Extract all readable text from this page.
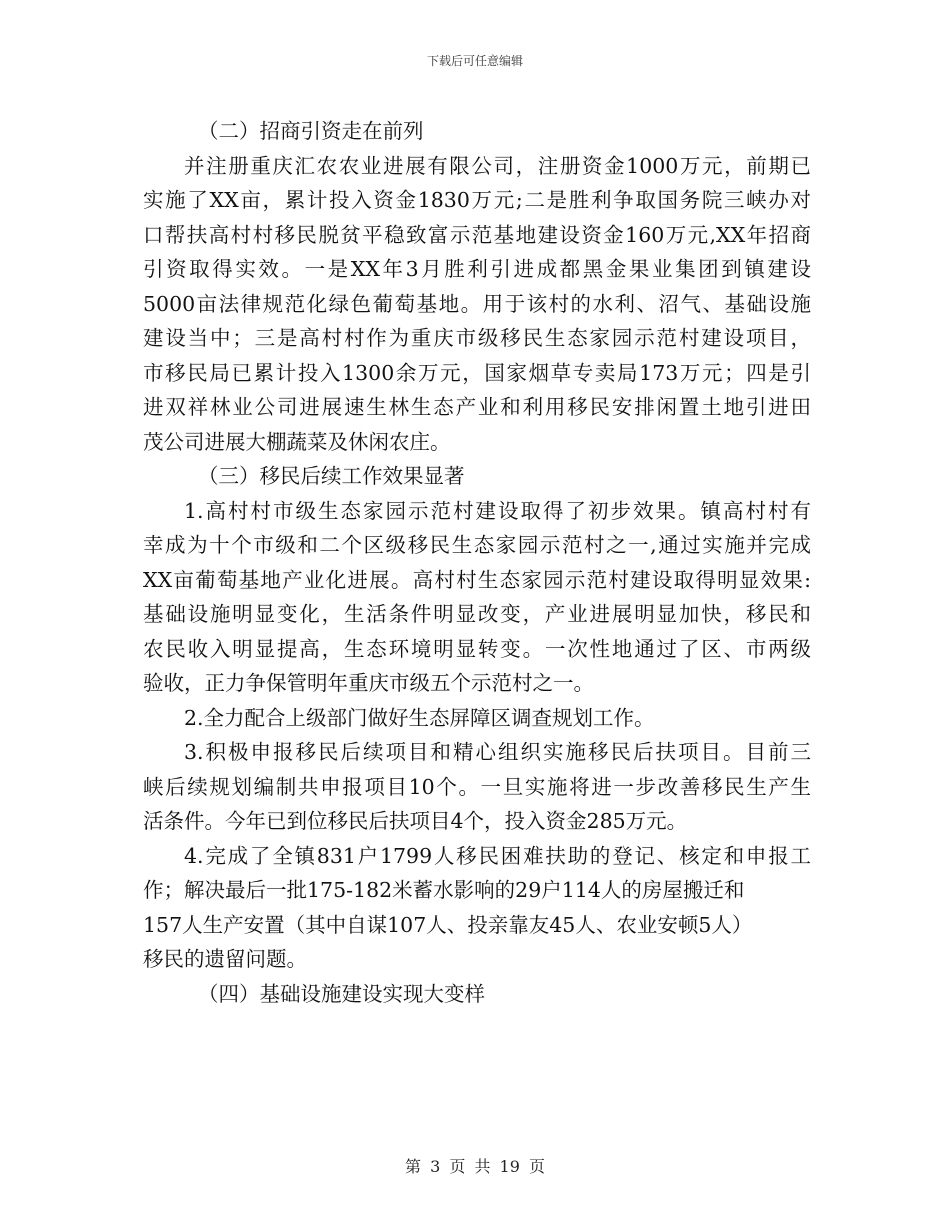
下载后可任意编辑
（二）招商引资走在前列
并注册重庆汇农农业进展有限公司，注册资金1000万元，前期已
实施了XX亩，累计投入资金1830万元;二是胜利争取国务院三峡办对
口帮扶高村村移民脱贫平稳致富示范基地建设资金160万元,XX年招商
引资取得实效。一是XX年3月胜利引进成都黑金果业集团到镇建设
5000亩法律规范化绿色葡萄基地。用于该村的水利、沼气、基础设施
建设当中；三是高村村作为重庆市级移民生态家园示范村建设项目，
市移民局已累计投入1300余万元，国家烟草专卖局173万元；四是引
进双祥林业公司进展速生林生态产业和利用移民安排闲置土地引进田
茂公司进展大棚蔬菜及休闲农庄。
（三）移民后续工作效果显著
1.高村村市级生态家园示范村建设取得了初步效果。镇高村村有
幸成为十个市级和二个区级移民生态家园示范村之一,通过实施并完成
XX亩葡萄基地产业化进展。高村村生态家园示范村建设取得明显效果:
基础设施明显变化，生活条件明显改变，产业进展明显加快，移民和
农民收入明显提高，生态环境明显转变。一次性地通过了区、市两级
验收，正力争保管明年重庆市级五个示范村之一。
2.全力配合上级部门做好生态屏障区调查规划工作。
3.积极申报移民后续项目和精心组织实施移民后扶项目。目前三
峡后续规划编制共申报项目10个。一旦实施将进一步改善移民生产生
活条件。今年已到位移民后扶项目4个，投入资金285万元。
4.完成了全镇831户1799人移民困难扶助的登记、核定和申报工
作；解决最后一批175-182米蓄水影响的29户114人的房屋搬迁和
157人生产安置（其中自谋107人、投亲靠友45人、农业安顿5人）
移民的遗留问题。
（四）基础设施建设实现大变样
第 3 页 共 19 页
